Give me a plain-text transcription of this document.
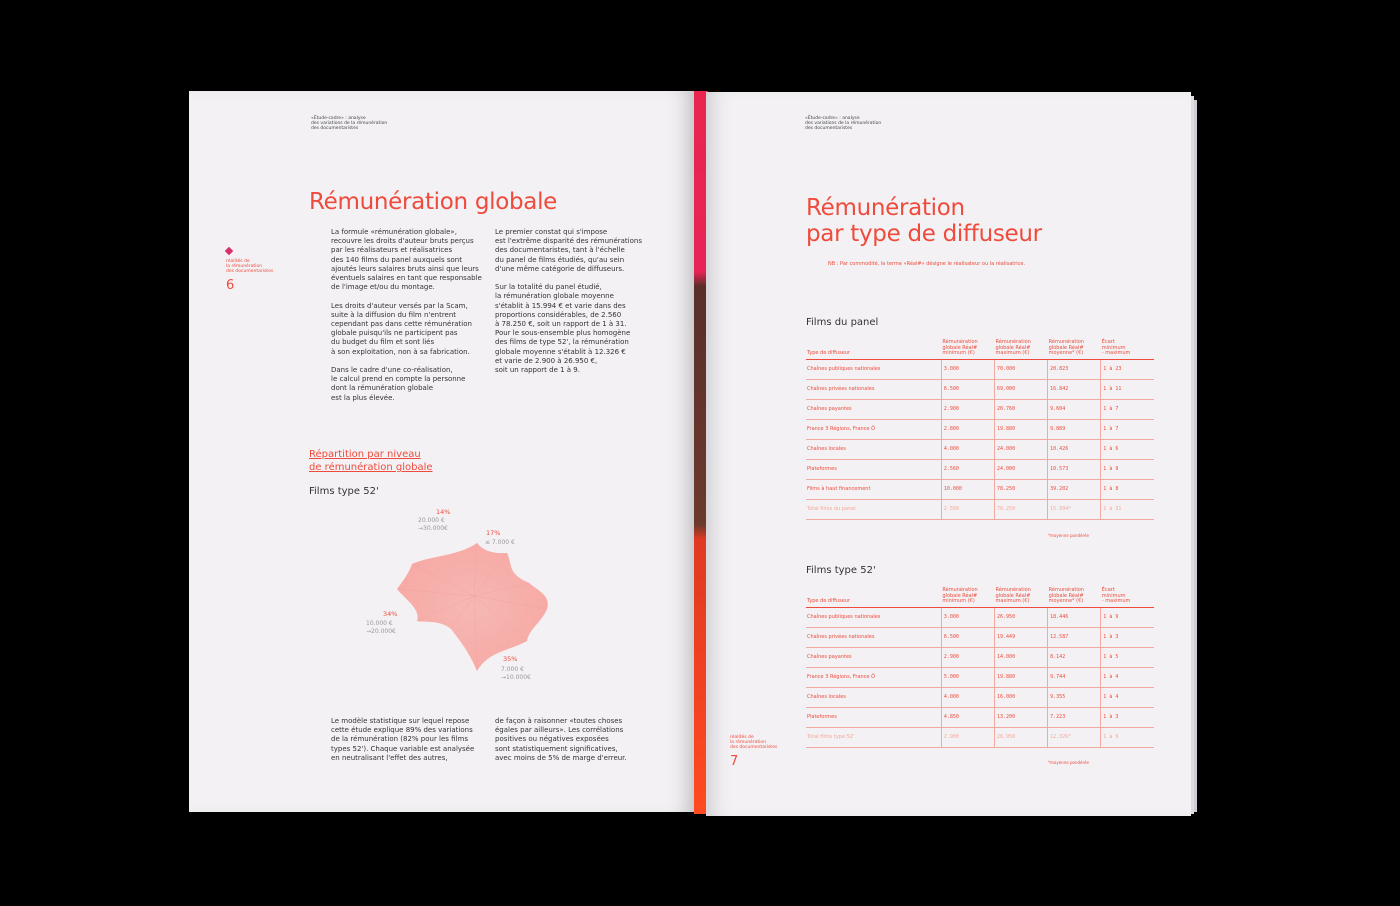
«Étude-cadre» : analyse
des variations de la rémunération
des documentaristes
Rémunération globale
réalités de
la rémunération
des documentaristes
6
La formule «rémunération globale»,
recouvre les droits d'auteur bruts perçus
par les réalisateurs et réalisatrices
des 140 films du panel auxquels sont
ajoutés leurs salaires bruts ainsi que leurs
éventuels salaires en tant que responsable
de l'image et/ou du montage.

Les droits d'auteur versés par la Scam,
suite à la diffusion du film n'entrent
cependant pas dans cette rémunération
globale puisqu'ils ne participent pas
du budget du film et sont liés
à son exploitation, non à sa fabrication.

Dans le cadre d'une co-réalisation,
le calcul prend en compte la personne
dont la rémunération globale
est la plus élevée.
Le premier constat qui s'impose
est l'extrême disparité des rémunérations
des documentaristes, tant à l'échelle
du panel de films étudiés, qu'au sein
d'une même catégorie de diffuseurs.

Sur la totalité du panel étudié,
la rémunération globale moyenne
s'établit à 15.994 € et varie dans des
proportions considérables, de 2.560
à 78.250 €, soit un rapport de 1 à 31.
Pour le sous-ensemble plus homogène
des films de type 52', la rémunération
globale moyenne s'établit à 12.326 €
et varie de 2.900 à 26.950 €,
soit un rapport de 1 à 9.
Répartition par niveau
de rémunération globale
Films type 52'
14%
20.000 €
→30.000€
17%
≤ 7.000 €
34%
10.000 €
→20.000€
35%
7.000 €
→10.000€
Le modèle statistique sur lequel repose
cette étude explique 89% des variations
de la rémunération (82% pour les films
types 52'). Chaque variable est analysée
en neutralisant l'effet des autres,
de façon à raisonner «toutes choses
égales par ailleurs». Les corrélations
positives ou négatives exposées
sont statistiquement significatives,
avec moins de 5% de marge d'erreur.
«Étude-cadre» : analyse
des variations de la rémunération
des documentaristes
Rémunération
par type de diffuseur
NB : Par commodité, le terme «Réal#» désigne le réalisateur ou la réalisatrice.
Films du panel
Type de diffuseur	Rémunération
globale Réal#
minimum (€)	Rémunération
globale Réal#
maximum (€)	Rémunération
globale Réal#
moyenne* (€)	Écart
minimum
- maximum
Chaînes publiques nationales	3.000	70.000	20.823	1 à 23
Chaînes privées nationales	6.500	69.000	16.842	1 à 11
Chaînes payantes	2.900	20.760	9.604	1 à 7
France 3 Régions, France Ô	2.800	19.880	9.889	1 à 7
Chaînes locales	4.000	24.000	10.426	1 à 6
Plateformes	2.560	24.000	10.573	1 à 9
Films à haut financement	10.000	78.250	39.202	1 à 8
Total films du panel	2.560	78.250	15.994*	1 à 31
*moyenne pondérée
Films type 52'
Type de diffuseur	Rémunération
globale Réal#
minimum (€)	Rémunération
globale Réal#
maximum (€)	Rémunération
globale Réal#
moyenne* (€)	Écart
minimum
- maximum
Chaînes publiques nationales	3.000	26.950	18.446	1 à 9
Chaînes privées nationales	6.500	19.449	12.587	1 à 3
Chaînes payantes	2.900	14.000	8.142	1 à 5
France 3 Régions, France Ô	5.000	19.880	9.744	1 à 4
Chaînes locales	4.000	16.000	9.355	1 à 4
Plateformes	4.850	13.200	7.223	1 à 3
Total films type 52'	2.900	26.950	12.326*	1 à 9
*moyenne pondérée
réalités de
la rémunération
des documentaristes
7
